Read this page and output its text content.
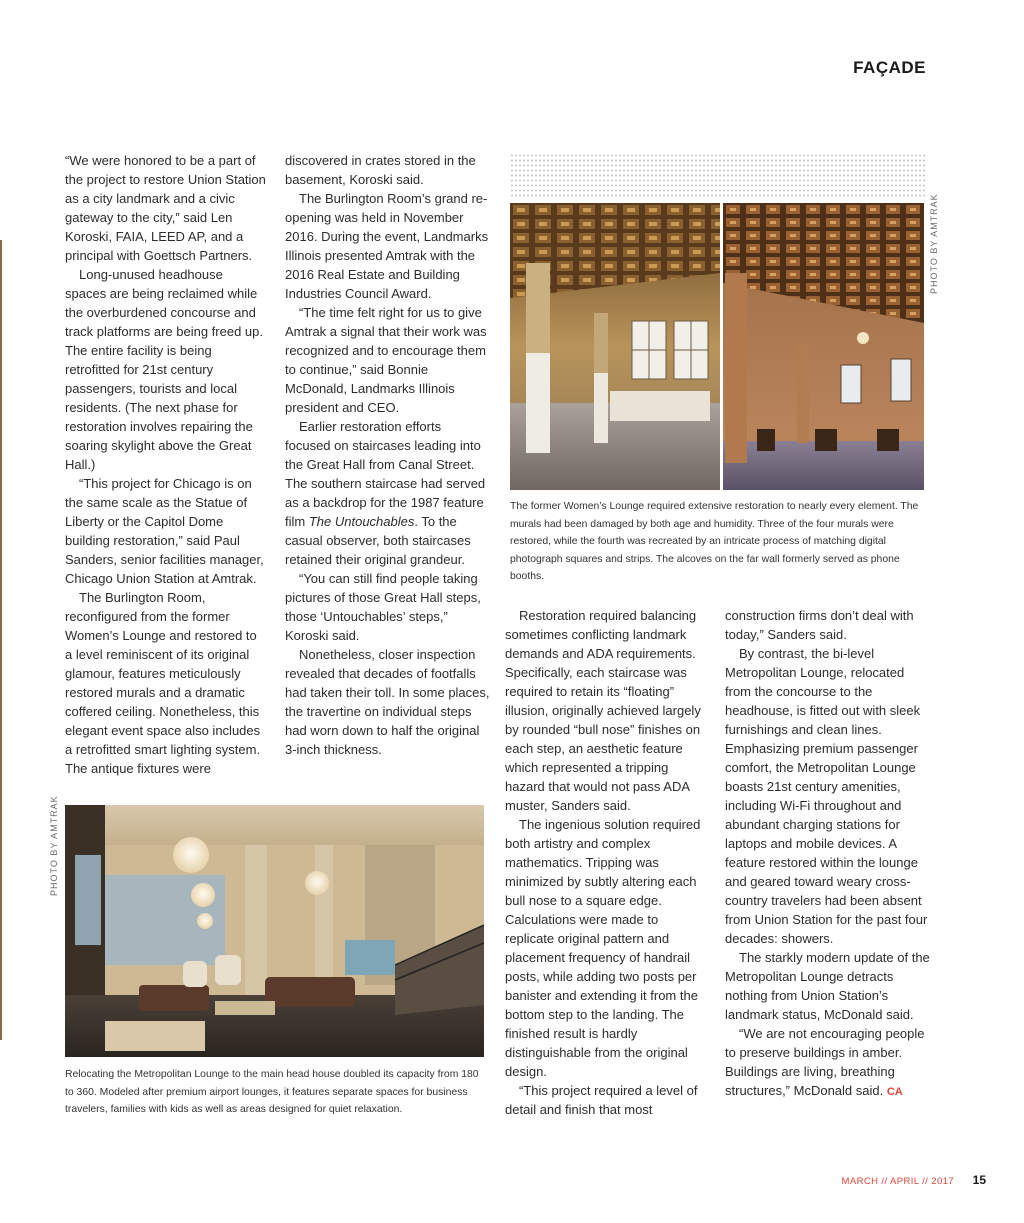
FAÇADE

“We were honored to be a part of the project to restore Union Station as a city landmark and a civic gateway to the city,” said Len Koroski, FAIA, LEED AP, and a principal with Goettsch Partners.

Long-unused headhouse spaces are being reclaimed while the overburdened concourse and track platforms are being freed up. The entire facility is being retrofitted for 21st century passengers, tourists and local residents. (The next phase for restoration involves repairing the soaring skylight above the Great Hall.)

“This project for Chicago is on the same scale as the Statue of Liberty or the Capitol Dome building restoration,” said Paul Sanders, senior facilities manager, Chicago Union Station at Amtrak.

The Burlington Room, reconfigured from the former Women’s Lounge and restored to a level reminiscent of its original glamour, features meticulously restored murals and a dramatic coffered ceiling. Nonetheless, this elegant event space also includes a retrofitted smart lighting system. The antique fixtures were

discovered in crates stored in the basement, Koroski said.

The Burlington Room’s grand re-opening was held in November 2016. During the event, Landmarks Illinois presented Amtrak with the 2016 Real Estate and Building Industries Council Award.

“The time felt right for us to give Amtrak a signal that their work was recognized and to encourage them to continue,” said Bonnie McDonald, Landmarks Illinois president and CEO.

Earlier restoration efforts focused on staircases leading into the Great Hall from Canal Street. The southern staircase had served as a backdrop for the 1987 feature film The Untouchables. To the casual observer, both staircases retained their original grandeur.

“You can still find people taking pictures of those Great Hall steps, those ‘Untouchables’ steps,” Koroski said.

Nonetheless, closer inspection revealed that decades of footfalls had taken their toll. In some places, the travertine on individual steps had worn down to half the original 3-inch thickness.

PHOTO BY AMTRAK
The former Women’s Lounge required extensive restoration to nearly every element. The murals had been damaged by both age and humidity. Three of the four murals were restored, while the fourth was recreated by an intricate process of matching digital photograph squares and strips. The alcoves on the far wall formerly served as phone booths.

Restoration required balancing sometimes conflicting landmark demands and ADA requirements. Specifically, each staircase was required to retain its “floating” illusion, originally achieved largely by rounded “bull nose” finishes on each step, an aesthetic feature which represented a tripping hazard that would not pass ADA muster, Sanders said.

The ingenious solution required both artistry and complex mathematics. Tripping was minimized by subtly altering each bull nose to a square edge. Calculations were made to replicate original pattern and placement frequency of handrail posts, while adding two posts per banister and extending it from the bottom step to the landing. The finished result is hardly distinguishable from the original design.

“This project required a level of detail and finish that most

construction firms don’t deal with today,” Sanders said.

By contrast, the bi-level Metropolitan Lounge, relocated from the concourse to the headhouse, is fitted out with sleek furnishings and clean lines. Emphasizing premium passenger comfort, the Metropolitan Lounge boasts 21st century amenities, including Wi-Fi throughout and abundant charging stations for laptops and mobile devices. A feature restored within the lounge and geared toward weary cross-country travelers had been absent from Union Station for the past four decades: showers.

The starkly modern update of the Metropolitan Lounge detracts nothing from Union Station’s landmark status, McDonald said.

“We are not encouraging people to preserve buildings in amber. Buildings are living, breathing structures,” McDonald said. CA

PHOTO BY AMTRAK
Relocating the Metropolitan Lounge to the main head house doubled its capacity from 180 to 360. Modeled after premium airport lounges, it features separate spaces for business travelers, families with kids as well as areas designed for quiet relaxation.
MARCH // APRIL // 2017 15
